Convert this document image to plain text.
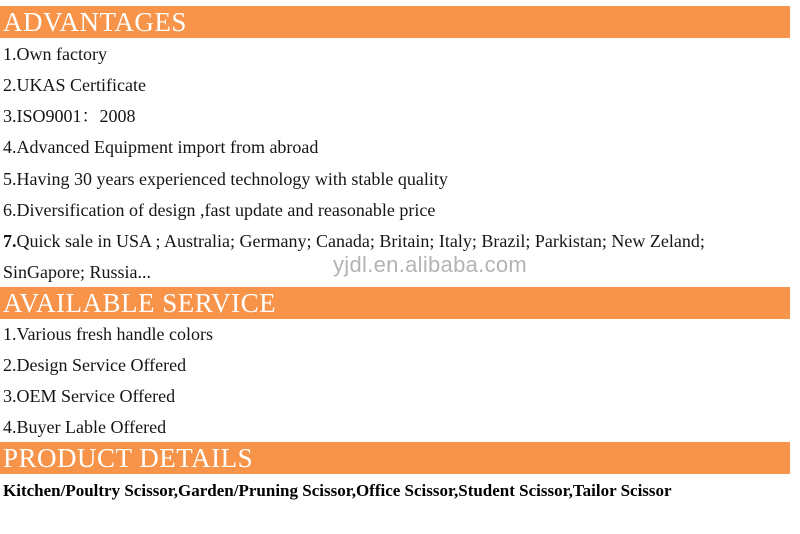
ADVANTAGES
1.Own factory
2.UKAS Certificate
3.ISO9001：2008
4.Advanced Equipment import from abroad
5.Having 30 years experienced technology with stable quality
6.Diversification of design ,fast update and reasonable price
7.Quick sale in USA ; Australia; Germany; Canada; Britain; Italy; Brazil; Parkistan; New Zeland;
SinGapore; Russia...	yjdl.en.alibaba.com
AVAILABLE SERVICE
1.Various fresh handle colors
2.Design Service Offered
3.OEM Service Offered
4.Buyer Lable Offered
PRODUCT DETAILS
Kitchen/Poultry Scissor,Garden/Pruning Scissor,Office Scissor,Student Scissor,Tailor Scissor
